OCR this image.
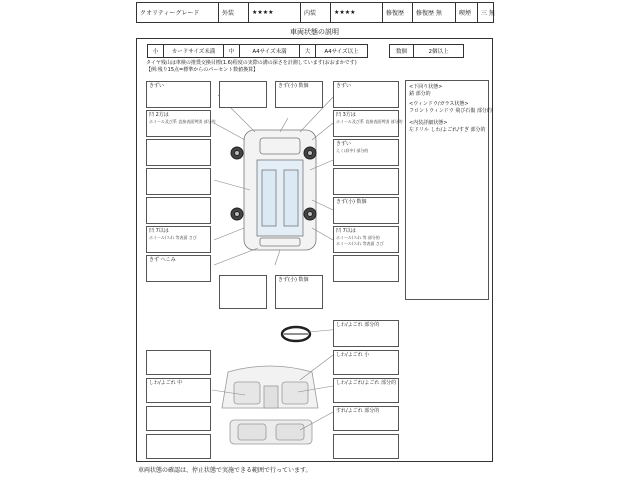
クオリティーグレード	外装	★★★★	内装	★★★★	修復歴	修復歴 無	喫煙	三 無
車両状態の説明
小	カードサイズ未満	中	A4サイズ未満	大	A4サイズ以上		数個	2個以上
タイヤ残山は車検の推奨交換目標(1.6)程度の実際の溝の深さを計測しています(おおまかです)
【例:残り15点=標準からのパーセント数値換算】
きずい
凹 2方は
ホイール及び系 直接表面判別 部分的
凹 7以は
ホイール/スれ 等表面 さび
きず へこみ
きず(小) 数個
きず(小) 数個
きずい
凹 3方は
ホイール及び系 直接表面判別 部分的
きずい
えくぼ(中) 部分的
きず(小) 数個
凹 7以は
ホイール/スれ 等 部分的
ホイール/スれ 等表面 さび
<下回り状態>
錆 部分的
<ウィンドウ/ガラス状態>
フロントウィンドウ 飛び石傷 部分的
<内装詳細状態>
左ドリル しわ/よごれ/すぎ 部分的
しわ/よごれ 部分的
しわ/よごれ 小
しわ/よごれ 中	しわ/よごれ/よごれ 部分的
すれ/よごれ 部分的
車両状態の確認は、停止状態で実施できる範囲で行っています。
